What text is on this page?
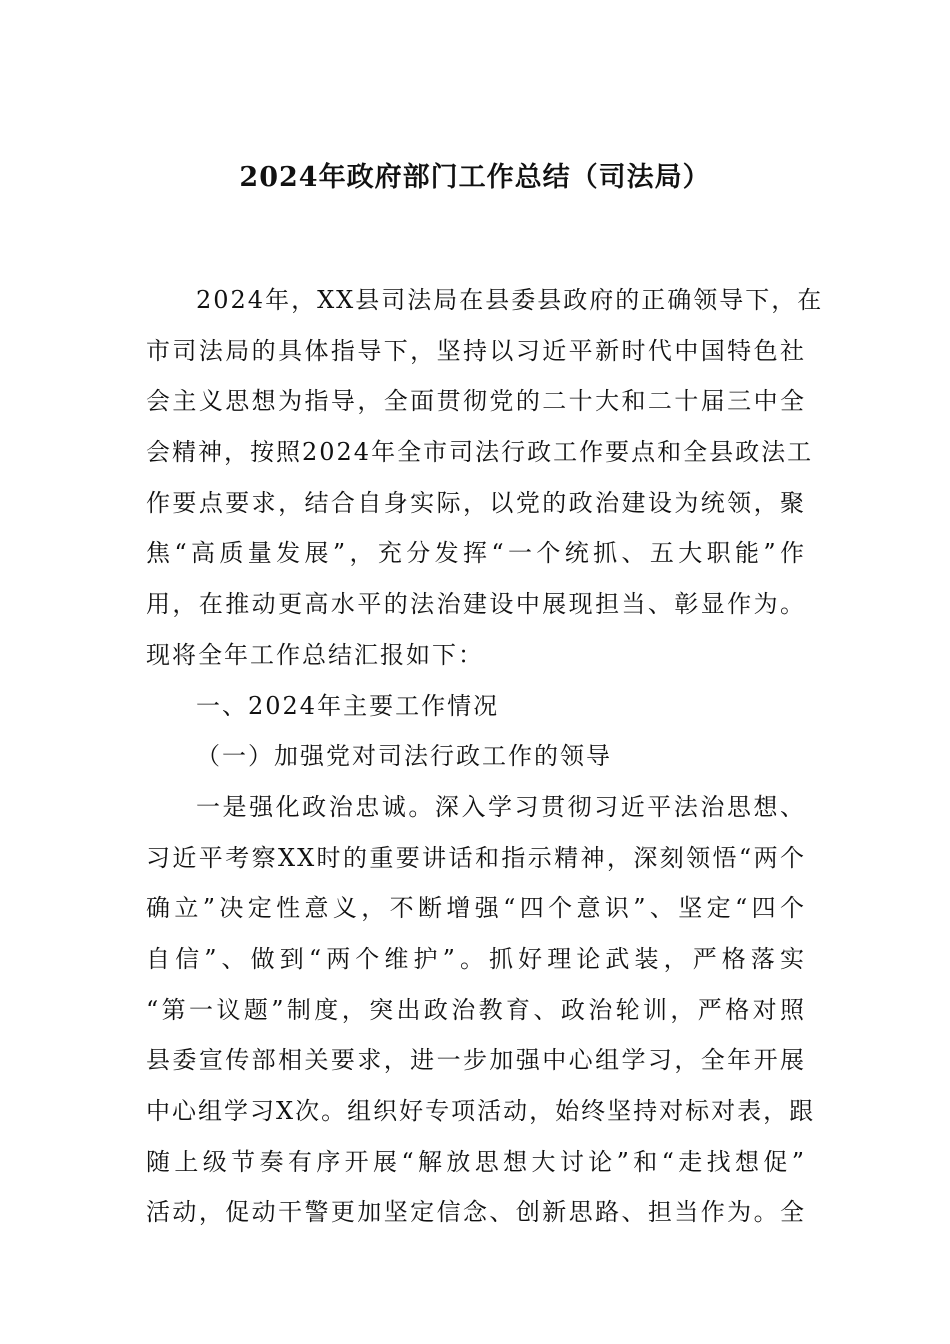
2024年政府部门工作总结（司法局）
2024年，XX县司法局在县委县政府的正确领导下，在
市司法局的具体指导下，坚持以习近平新时代中国特色社
会主义思想为指导，全面贯彻党的二十大和二十届三中全
会精神，按照2024年全市司法行政工作要点和全县政法工
作要点要求，结合自身实际，以党的政治建设为统领，聚
焦“高质量发展”，充分发挥“一个统抓、五大职能”作
用，在推动更高水平的法治建设中展现担当、彰显作为。
现将全年工作总结汇报如下：
一、2024年主要工作情况
（一）加强党对司法行政工作的领导
一是强化政治忠诚。深入学习贯彻习近平法治思想、
习近平考察XX时的重要讲话和指示精神，深刻领悟“两个
确立”决定性意义，不断增强“四个意识”、坚定“四个
自信”、做到“两个维护”。抓好理论武装，严格落实
“第一议题”制度，突出政治教育、政治轮训，严格对照
县委宣传部相关要求，进一步加强中心组学习，全年开展
中心组学习X次。组织好专项活动，始终坚持对标对表，跟
随上级节奏有序开展“解放思想大讨论”和“走找想促”
活动，促动干警更加坚定信念、创新思路、担当作为。全
